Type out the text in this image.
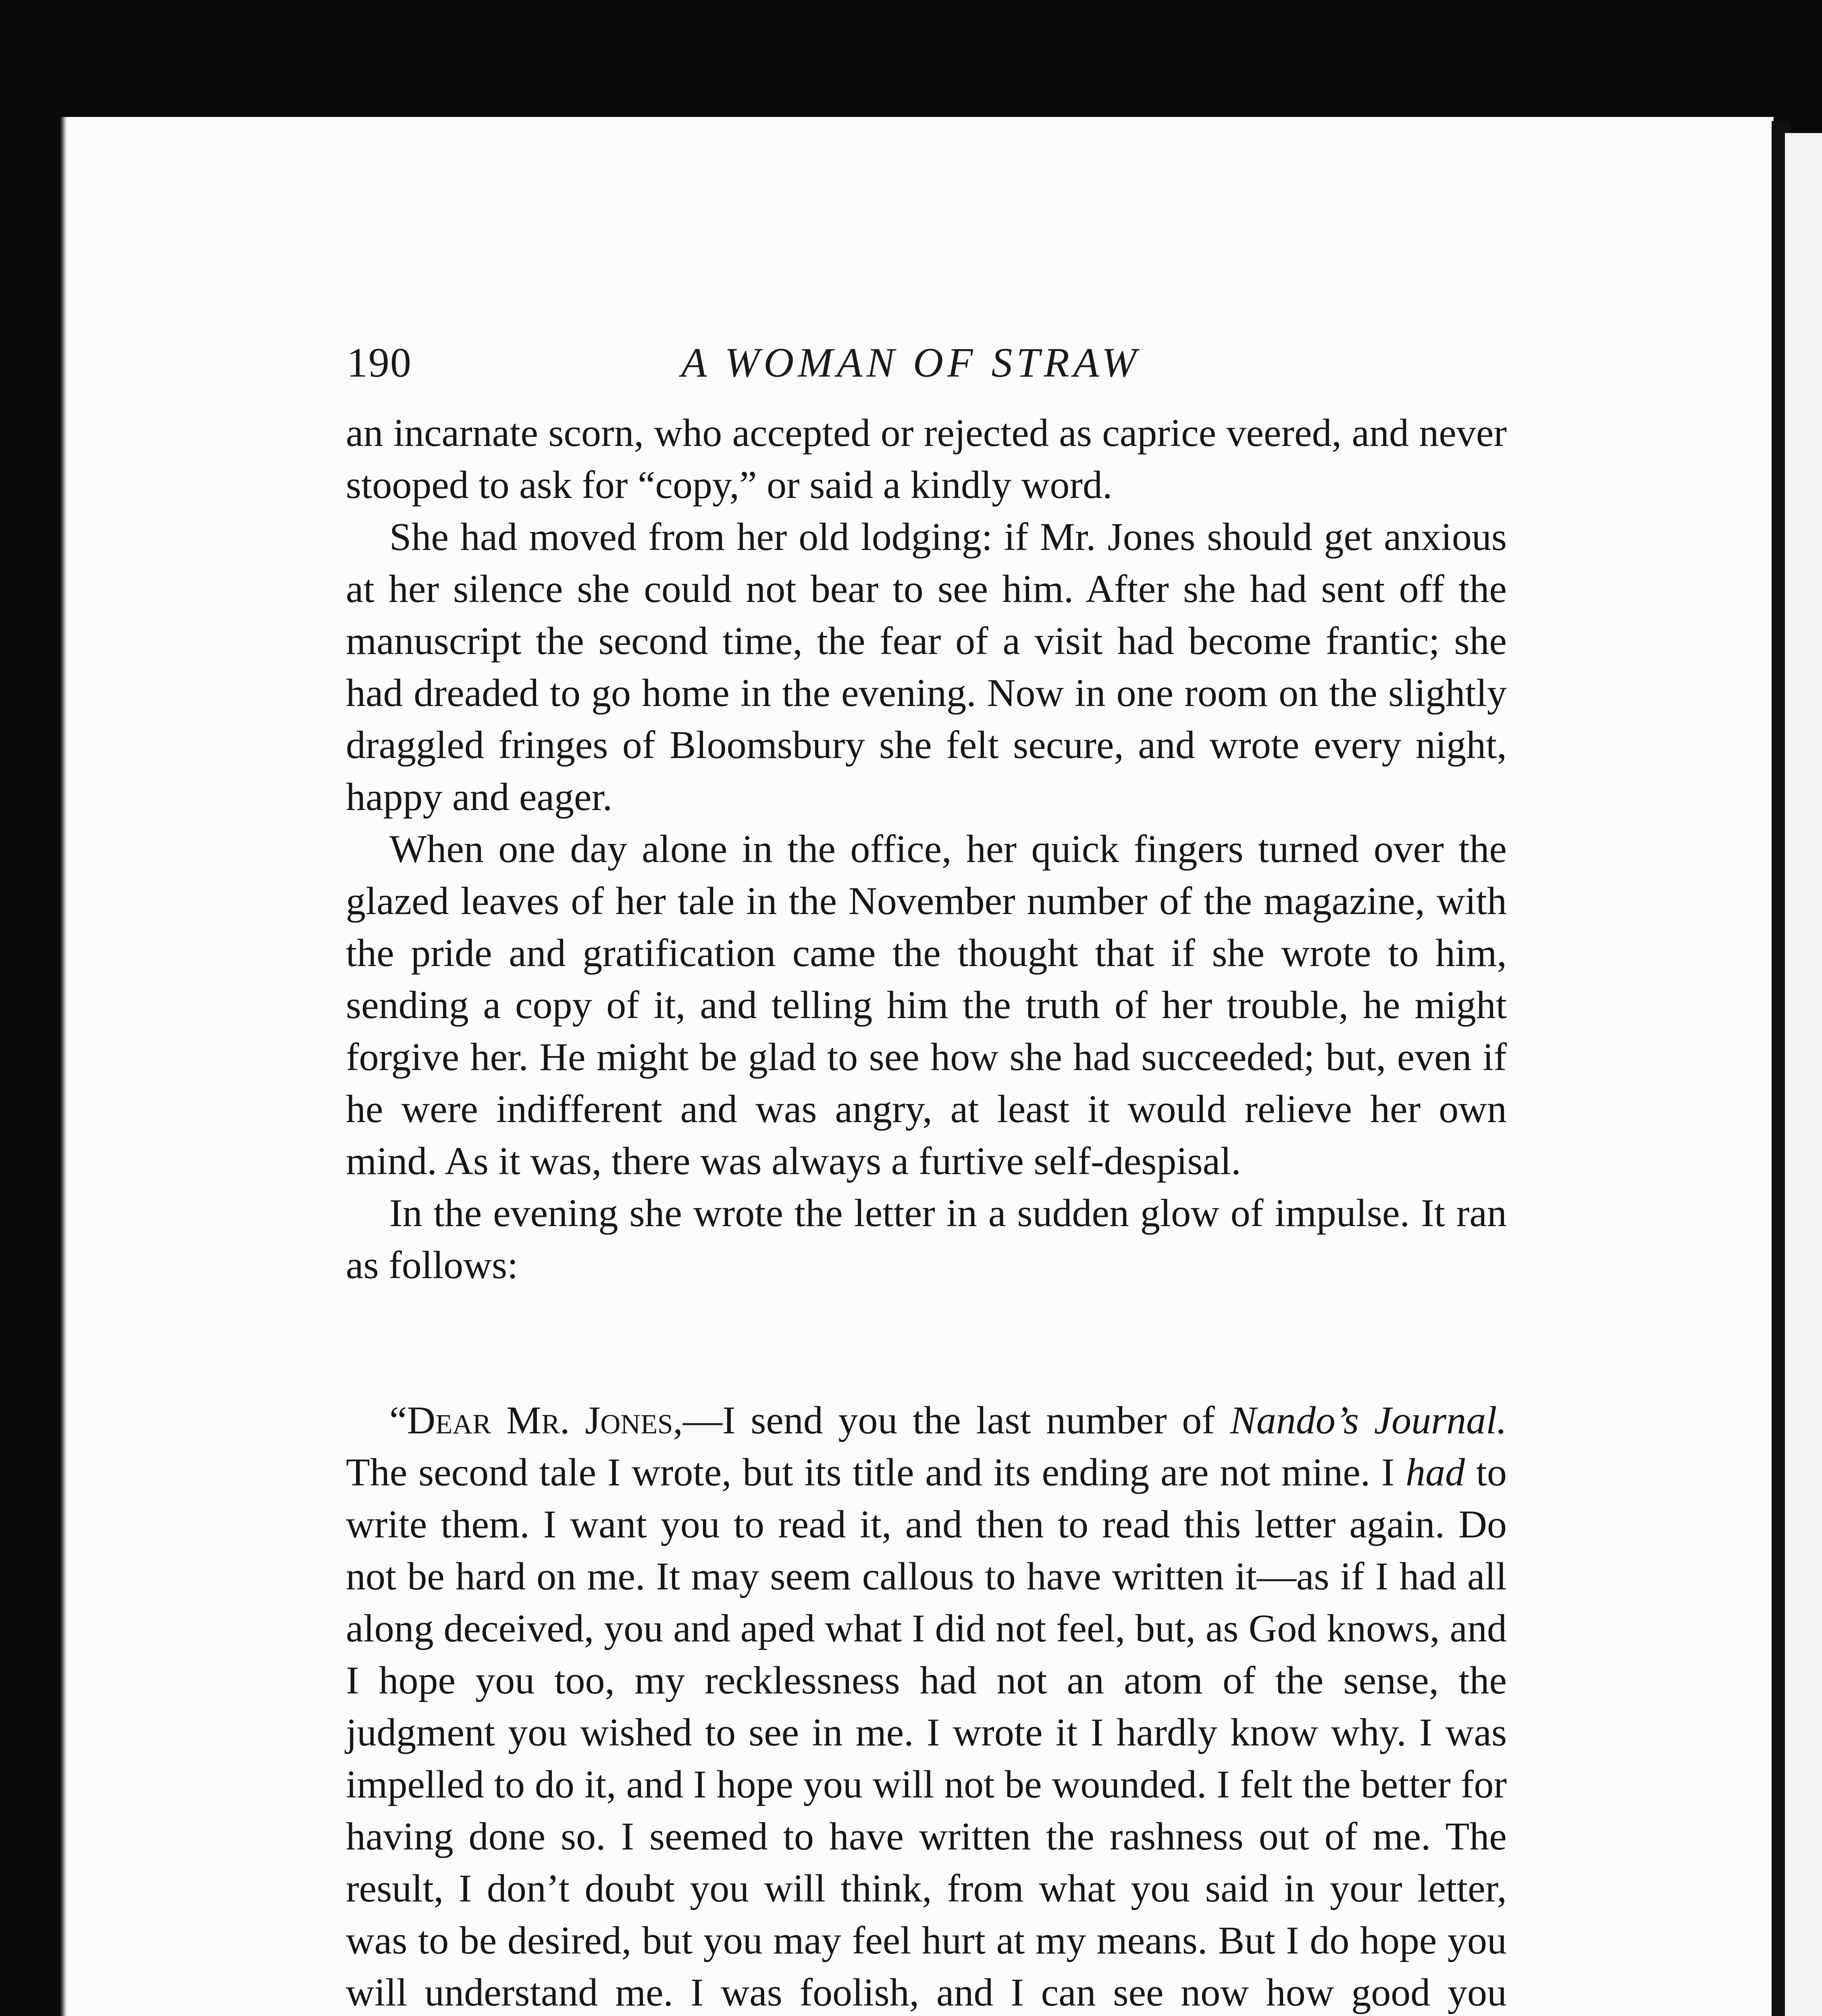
190	A WOMAN OF STRAW

an incarnate scorn, who accepted or rejected as caprice veered, and never stooped to ask for “copy,” or said a kindly word.

She had moved from her old lodging: if Mr. Jones should get anxious at her silence she could not bear to see him. After she had sent off the manuscript the second time, the fear of a visit had become frantic; she had dreaded to go home in the evening. Now in one room on the slightly draggled fringes of Bloomsbury she felt secure, and wrote every night, happy and eager.

When one day alone in the office, her quick fingers turned over the glazed leaves of her tale in the November number of the magazine, with the pride and gratification came the thought that if she wrote to him, sending a copy of it, and telling him the truth of her trouble, he might forgive her. He might be glad to see how she had succeeded; but, even if he were indifferent and was angry, at least it would relieve her own mind. As it was, there was always a furtive self-despisal.

In the evening she wrote the letter in a sudden glow of impulse. It ran as follows:

“Dear Mr. Jones,—I send you the last number of Nando’s Journal. The second tale I wrote, but its title and its ending are not mine. I had to write them. I want you to read it, and then to read this letter again. Do not be hard on me. It may seem callous to have written it—as if I had all along deceived, you and aped what I did not feel, but, as God knows, and I hope you too, my recklessness had not an atom of the sense, the judgment you wished to see in me. I wrote it I hardly know why. I was impelled to do it, and I hope you will not be wounded. I felt the better for having done so. I seemed to have written the rashness out of me. The result, I don’t doubt you will think, from what you said in your letter, was to be desired, but you may feel hurt at my means. But I do hope you will understand me. I was foolish, and I can see now how good you
